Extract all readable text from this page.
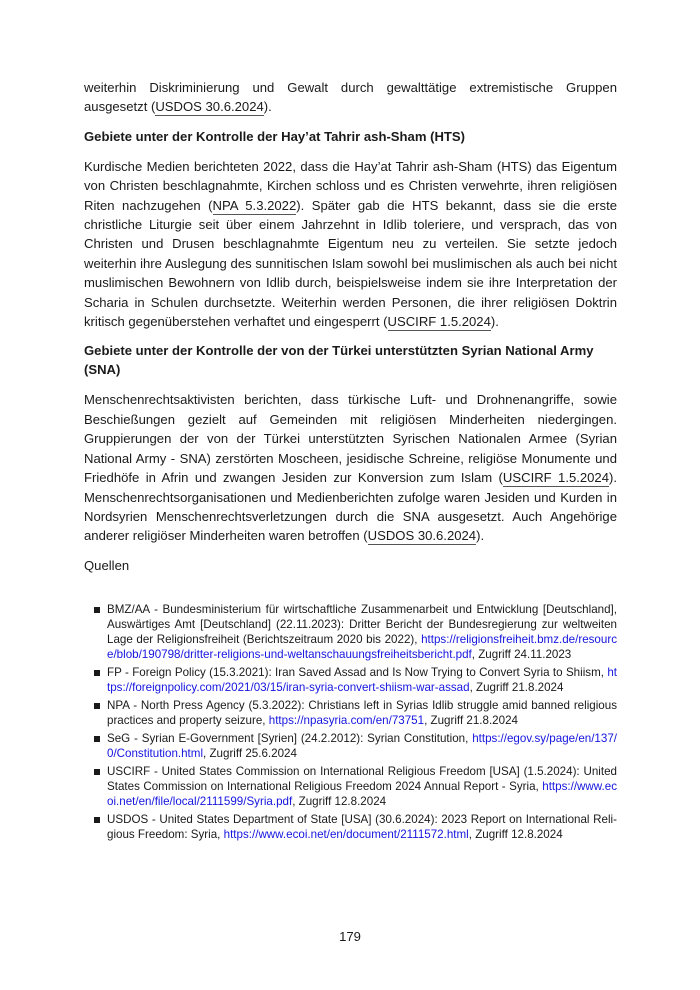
weiterhin Diskriminierung und Gewalt durch gewalttätige extremistische Gruppen ausgesetzt (USDOS 30.6.2024).

Gebiete unter der Kontrolle der Hay’at Tahrir ash-Sham (HTS)

Kurdische Medien berichteten 2022, dass die Hay’at Tahrir ash-Sham (HTS) das Eigentum von Christen beschlagnahmte, Kirchen schloss und es Christen verwehrte, ihren religiösen Riten nachzugehen (NPA 5.3.2022). Später gab die HTS bekannt, dass sie die erste christliche Liturgie seit über einem Jahrzehnt in Idlib toleriere, und versprach, das von Christen und Drusen beschlagnahmte Eigentum neu zu verteilen. Sie setzte jedoch weiterhin ihre Auslegung des sunnitischen Islam sowohl bei muslimischen als auch bei nicht muslimischen Bewohnern von Idlib durch, beispielsweise indem sie ihre Interpretation der Scharia in Schulen durchsetzte. Weiterhin werden Personen, die ihrer religiösen Doktrin kritisch gegenüberstehen verhaftet und eingesperrt (USCIRF 1.5.2024).

Gebiete unter der Kontrolle der von der Türkei unterstützten Syrian National Army (SNA)

Menschenrechtsaktivisten berichten, dass türkische Luft- und Drohnenangriffe, sowie Beschießungen gezielt auf Gemeinden mit religiösen Minderheiten niedergingen. Gruppierungen der von der Türkei unterstützten Syrischen Nationalen Armee (Syrian National Army - SNA) zerstörten Moscheen, jesidische Schreine, religiöse Monumente und Friedhöfe in Afrin und zwangen Jesiden zur Konversion zum Islam (USCIRF 1.5.2024). Menschenrechtsorganisationen und Medienberichten zufolge waren Jesiden und Kurden in Nordsyrien Menschenrechtsverletzungen durch die SNA ausgesetzt. Auch Angehörige anderer religiöser Minderheiten waren betroffen (USDOS 30.6.2024).

Quellen
BMZ/AA - Bundesministerium für wirtschaftliche Zusammenarbeit und Entwicklung [Deutschland], Auswärtiges Amt [Deutschland] (22.11.2023): Dritter Bericht der Bundesregierung zur weltweiten Lage der Religionsfreiheit (Berichtszeitraum 2020 bis 2022), https://religionsfreiheit.bmz.de/resource/blob/190798/dritter-religions-und-weltanschauungsfreiheitsbericht.pdf, Zugriff 24.11.2023
FP - Foreign Policy (15.3.2021): Iran Saved Assad and Is Now Trying to Convert Syria to Shiism, https://foreignpolicy.com/2021/03/15/iran-syria-convert-shiism-war-assad, Zugriff 21.8.2024
NPA - North Press Agency (5.3.2022): Christians left in Syrias Idlib struggle amid banned religious practices and property seizure, https://npasyria.com/en/73751, Zugriff 21.8.2024
SeG - Syrian E-Government [Syrien] (24.2.2012): Syrian Constitution, https://egov.sy/page/en/137/0/Constitution.html, Zugriff 25.6.2024
USCIRF - United States Commission on International Religious Freedom [USA] (1.5.2024): United States Commission on International Religious Freedom 2024 Annual Report - Syria, https://www.ecoi.net/en/file/local/2111599/Syria.pdf, Zugriff 12.8.2024
USDOS - United States Department of State [USA] (30.6.2024): 2023 Report on International Religious Freedom: Syria, https://www.ecoi.net/en/document/2111572.html, Zugriff 12.8.2024
179
